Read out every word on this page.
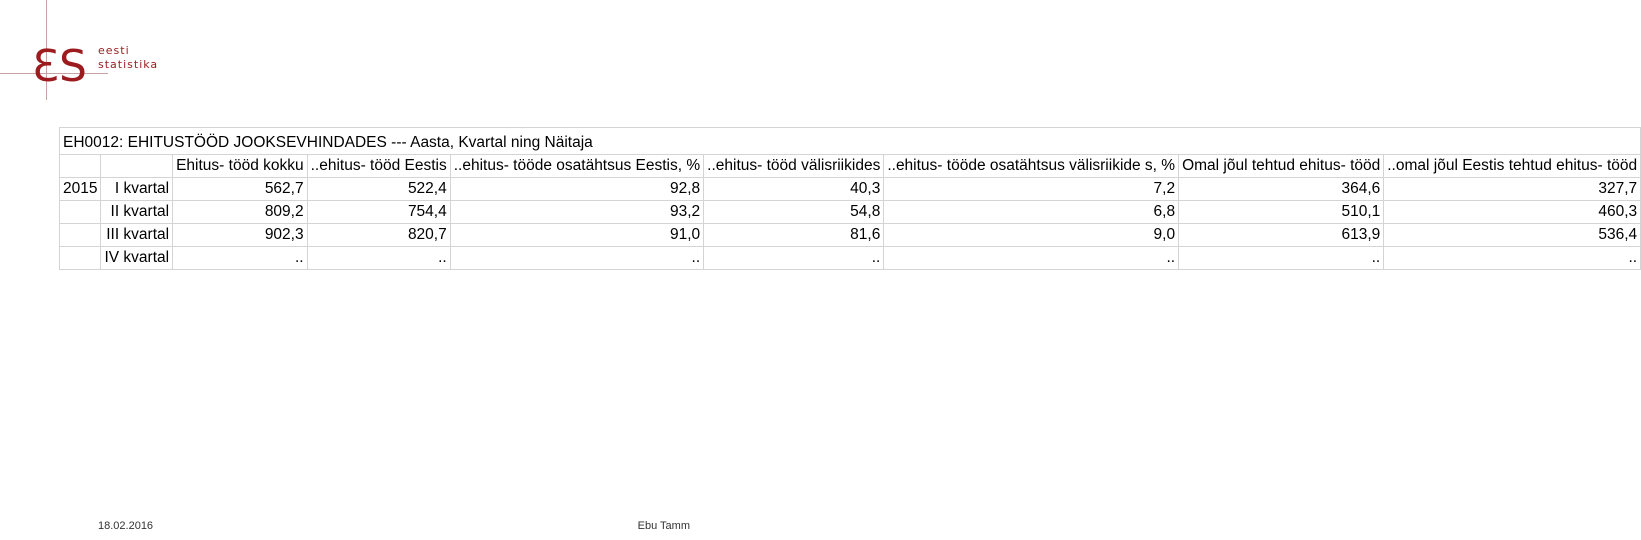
ƐS eesti
statistika
EH0012: EHITUSTÖÖD JOOKSEVHINDADES --- Aasta, Kvartal ning Näitaja								
		Ehitus- tööd kokku	..ehitus- tööd Eestis	..ehitus- tööde osatähtsus Eestis, %	..ehitus- tööd välisriikides	..ehitus- tööde osatähtsus välisriikide s, %	Omal jõul tehtud ehitus- tööd	..omal jõul Eestis tehtud ehitus- tööd
2015	I kvartal	562,7	522,4	92,8	40,3	7,2	364,6	327,7
	II kvartal	809,2	754,4	93,2	54,8	6,8	510,1	460,3
	III kvartal	902,3	820,7	91,0	81,6	9,0	613,9	536,4
	IV kvartal	..	..	..	..	..	..	..
18.02.2016	Ebu Tamm
